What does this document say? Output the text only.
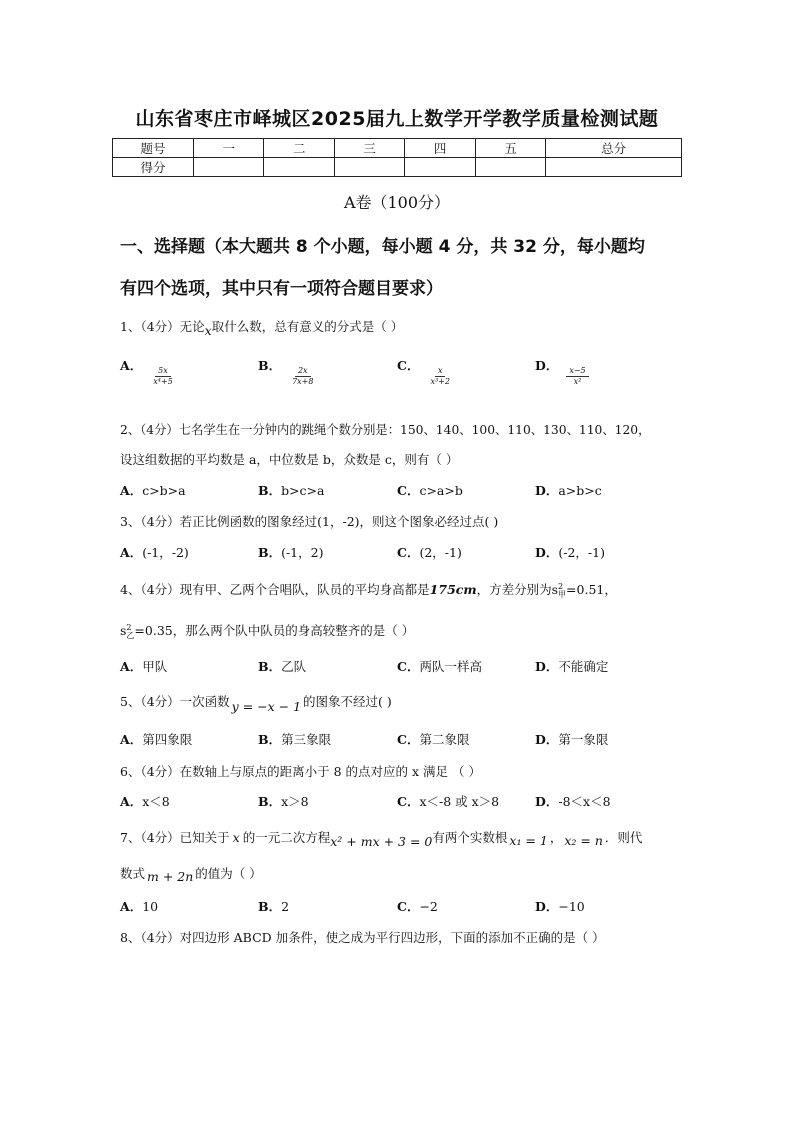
山东省枣庄市峄城区2025届九上数学开学教学质量检测试题
题号	一	二	三	四	五	总分
得分						
A卷（100分）
一、选择题（本大题共 8 个小题，每小题 4 分，共 32 分，每小题均
有四个选项，其中只有一项符合题目要求）
1、（4分）无论x取什么数，总有意义的分式是（ ）
A．
$\frac{5x}{\text{x⁴+5}}$
B．
$\frac{2x}{7x+8}$
C．
$\frac{x}{\text{x³+2}}$
D．
$\frac{x-5}{\text{x²}}$
2、（4分）七名学生在一分钟内的跳绳个数分别是：150、140、100、110、130、110、120，
设这组数据的平均数是 a，中位数是 b，众数是 c，则有（ ）
A．c>b>a	B．b>c>a	C．c>a>b	D．a>b>c
3、（4分）若正比例函数的图象经过(1，-2)，则这个图象必经过点( )
A．(-1，-2)	B．(-1，2)	C．(2，-1)	D．(-2，-1)
4、（4分）现有甲、乙两个合唱队，队员的平均身高都是175cm，方差分别为s 2
甲 =0.51，
s 2
乙 =0.35，那么两个队中队员的身高较整齐的是（ ）
A．甲队	B．乙队	C．两队一样高	D．不能确定
5、（4分）一次函数 y = −x − 1 的图象不经过( )
A．第四象限	B．第三象限	C．第二象限	D．第一象限
6、（4分）在数轴上与原点的距离小于 8 的点对应的 x 满足 （ ）
A．x＜8	B．x＞8	C．x＜-8 或 x＞8	D．-8＜x＜8
7、（4分）已知关于 x 的一元二次方程x² + mx + 3 = 0有两个实数根 x₁ = 1 ， x₂ = n ．则代
数式 m + 2n 的值为（ ）
A．10	B．2	C．−2	D．−10
8、（4分）对四边形 ABCD 加条件，使之成为平行四边形，下面的添加不正确的是（ ）
